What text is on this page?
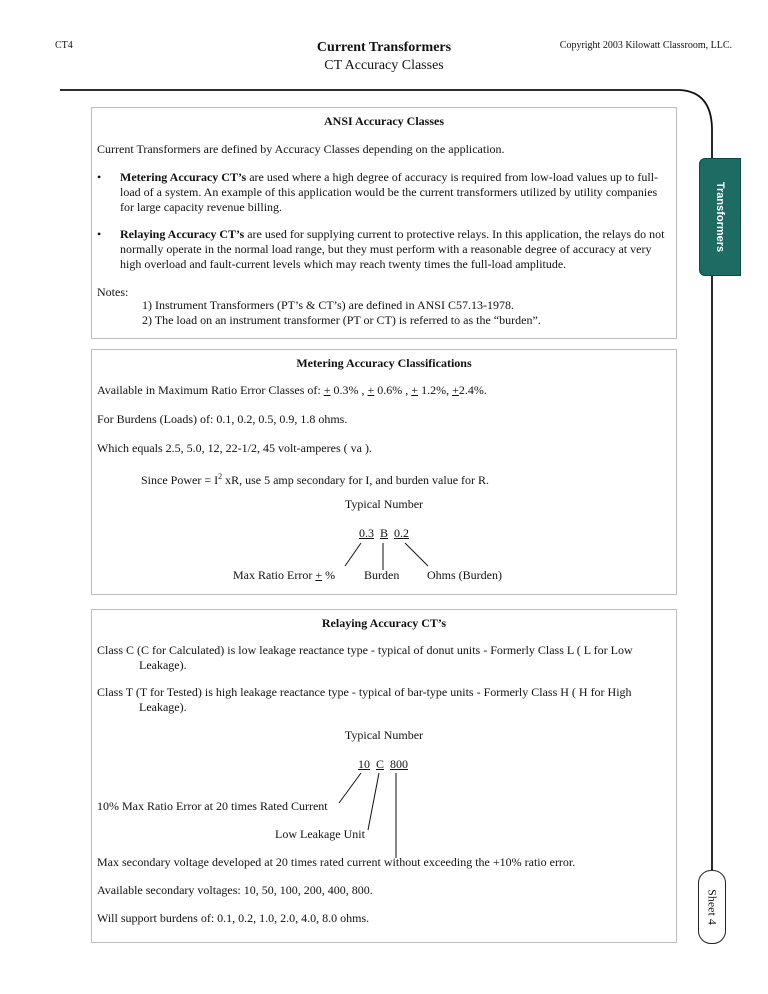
CT4	Current Transformers
CT Accuracy Classes
Copyright 2003 Kilowatt Classroom, LLC.
Transformers
Sheet 4
ANSI Accuracy Classes
Current Transformers are defined by Accuracy Classes depending on the application.
• Metering Accuracy CT’s are used where a high degree of accuracy is required from low-load values up to full-load of a system. An example of this application would be the current transformers utilized by utility companies for large capacity revenue billing.
• Relaying Accuracy CT’s are used for supplying current to protective relays. In this application, the relays do not normally operate in the normal load range, but they must perform with a reasonable degree of accuracy at very high overload and fault-current levels which may reach twenty times the full-load amplitude.
Notes:
1) Instrument Transformers (PT’s & CT’s) are defined in ANSI C57.13-1978.
2) The load on an instrument transformer (PT or CT) is referred to as the “burden”.
Metering Accuracy Classifications
Available in Maximum Ratio Error Classes of: + 0.3% , + 0.6% , + 1.2%, +2.4%.
For Burdens (Loads) of: 0.1, 0.2, 0.5, 0.9, 1.8 ohms.
Which equals 2.5, 5.0, 12, 22-1/2, 45 volt-amperes ( va ).
Since Power = $I^2$ xR, use 5 amp secondary for I, and burden value for R.
Typical Number
0.3 B 0.2
Max Ratio Error + % Burden Ohms (Burden)
Relaying Accuracy CT’s
Class C (C for Calculated) is low leakage reactance type - typical of donut units - Formerly Class L ( L for Low Leakage).
Class T (T for Tested) is high leakage reactance type - typical of bar-type units - Formerly Class H ( H for High Leakage).
Typical Number
10 C 800
10% Max Ratio Error at 20 times Rated Current
Low Leakage Unit
Max secondary voltage developed at 20 times rated current without exceeding the +10% ratio error.
Available secondary voltages: 10, 50, 100, 200, 400, 800.
Will support burdens of: 0.1, 0.2, 1.0, 2.0, 4.0, 8.0 ohms.
